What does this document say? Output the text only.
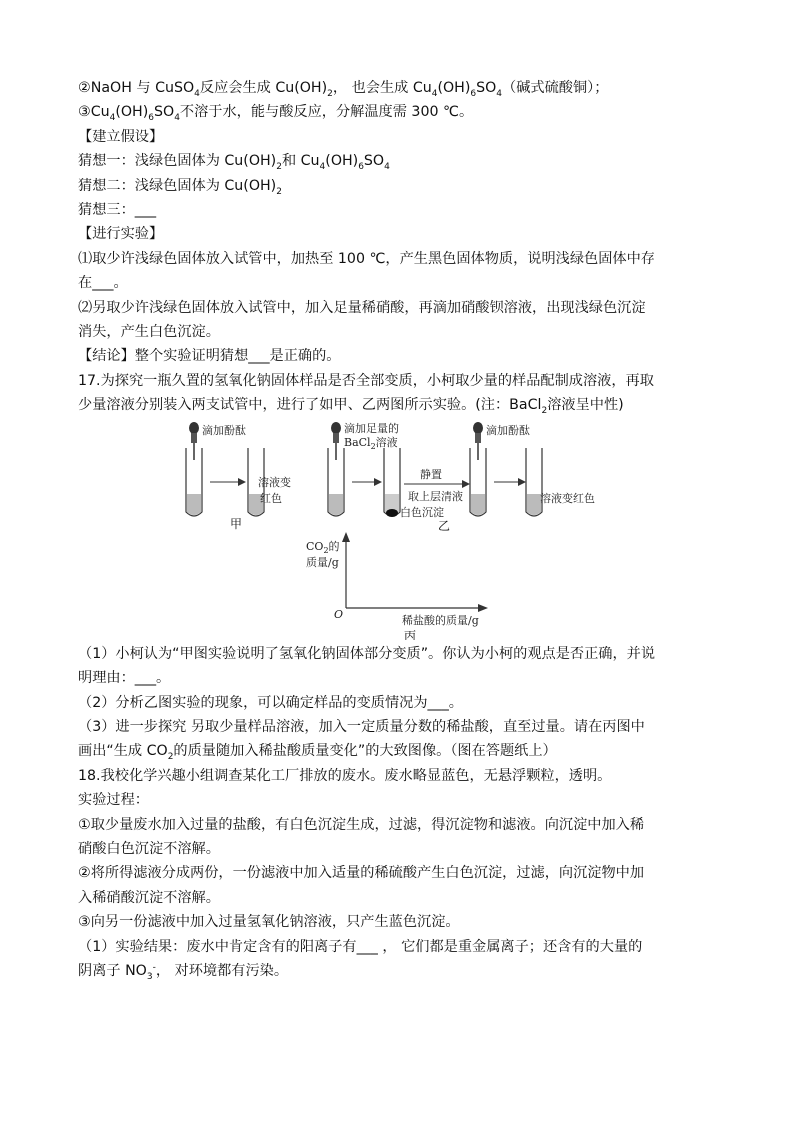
②NaOH 与 CuSO$_4$反应会生成 $Cu(OH)_2$， 也会生成 $Cu_4(OH)_6SO_4$（碱式硫酸铜）；
$③Cu_4(OH)_6SO_4$不溶于水，能与酸反应，分解温度需 300 ℃。
【建立假设】
猜想一：浅绿色固体为 $Cu(OH)_2$和 $Cu_4(OH)_6SO_4$
猜想二：浅绿色固体为 $Cu(OH)_2$
猜想三：___
【进行实验】
⑴取少许浅绿色固体放入试管中，加热至 100 ℃，产生黑色固体物质，说明浅绿色固体中存
在___。
⑵另取少许浅绿色固体放入试管中，加入足量稀硝酸，再滴加硝酸钡溶液，出现浅绿色沉淀
消失，产生白色沉淀。
【结论】整个实验证明猜想___是正确的。
17.为探究一瓶久置的氢氧化钠固体样品是否全部变质，小柯取少量的样品配制成溶液，再取
少量溶液分别装入两支试管中，进行了如甲、乙两图所示实验。(注：BaCl$_2$溶液呈中性)
滴加酚酞
溶液变
红色
甲
滴加足量的
BaCl$_2$溶液
静置
取上层清液
白色沉淀
滴加酚酞
溶液变红色
乙
$CO_2$的
质量/g
O	稀盐酸的质量/g
丙
（1）小柯认为“甲图实验说明了氢氧化钠固体部分变质”。你认为小柯的观点是否正确，并说
明理由：___。
（2）分析乙图实验的现象，可以确定样品的变质情况为___。
（3）进一步探究 另取少量样品溶液，加入一定质量分数的稀盐酸，直至过量。请在丙图中
画出“生成 $CO_2$的质量随加入稀盐酸质量变化”的大致图像。（图在答题纸上）
18.我校化学兴趣小组调查某化工厂排放的废水。废水略显蓝色，无悬浮颗粒，透明。
实验过程：
①取少量废水加入过量的盐酸，有白色沉淀生成，过滤，得沉淀物和滤液。向沉淀中加入稀
硝酸白色沉淀不溶解。
②将所得滤液分成两份，一份滤液中加入适量的稀硫酸产生白色沉淀，过滤，向沉淀物中加
入稀硝酸沉淀不溶解。
③向另一份滤液中加入过量氢氧化钠溶液，只产生蓝色沉淀。
（1）实验结果：废水中肯定含有的阳离子有___ ， 它们都是重金属离子；还含有的大量的
阴离子 $NO_3^-$， 对环境都有污染。
